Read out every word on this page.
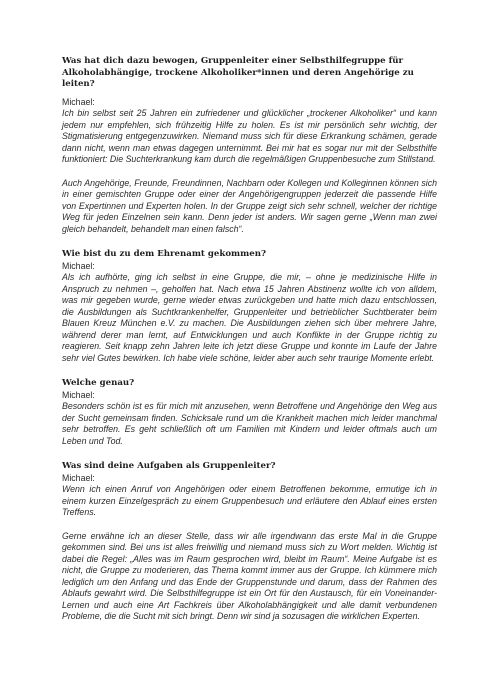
Was hat dich dazu bewogen, Gruppenleiter einer Selbsthilfegruppe für Alkoholabhängige, trockene Alkoholiker*innen und deren Angehörige zu leiten?

Michael:

Ich bin selbst seit 25 Jahren ein zufriedener und glücklicher „trockener Alkoholiker“ und kann jedem nur empfehlen, sich frühzeitig Hilfe zu holen. Es ist mir persönlich sehr wichtig, der Stigmatisierung entgegenzuwirken. Niemand muss sich für diese Erkrankung schämen, gerade dann nicht, wenn man etwas dagegen unternimmt. Bei mir hat es sogar nur mit der Selbsthilfe funktioniert: Die Suchterkrankung kam durch die regelmäßigen Gruppenbesuche zum Stillstand.

Auch Angehörige, Freunde, Freundinnen, Nachbarn oder Kollegen und Kolleginnen können sich in einer gemischten Gruppe oder einer der Angehörigengruppen jederzeit die passende Hilfe von Expertinnen und Experten holen. In der Gruppe zeigt sich sehr schnell, welcher der richtige Weg für jeden Einzelnen sein kann. Denn jeder ist anders. Wir sagen gerne „Wenn man zwei gleich behandelt, behandelt man einen falsch“.

Wie bist du zu dem Ehrenamt gekommen?

Michael:

Als ich aufhörte, ging ich selbst in eine Gruppe, die mir, – ohne je medizinische Hilfe in Anspruch zu nehmen –, geholfen hat. Nach etwa 15 Jahren Abstinenz wollte ich von alldem, was mir gegeben wurde, gerne wieder etwas zurückgeben und hatte mich dazu entschlossen, die Ausbildungen als Suchtkrankenhelfer, Gruppenleiter und betrieblicher Suchtberater beim Blauen Kreuz München e.V. zu machen. Die Ausbildungen ziehen sich über mehrere Jahre, während derer man lernt, auf Entwicklungen und auch Konflikte in der Gruppe richtig zu reagieren. Seit knapp zehn Jahren leite ich jetzt diese Gruppe und konnte im Laufe der Jahre sehr viel Gutes bewirken. Ich habe viele schöne, leider aber auch sehr traurige Momente erlebt.

Welche genau?

Michael:

Besonders schön ist es für mich mit anzusehen, wenn Betroffene und Angehörige den Weg aus der Sucht gemeinsam finden. Schicksale rund um die Krankheit machen mich leider manchmal sehr betroffen. Es geht schließlich oft um Familien mit Kindern und leider oftmals auch um Leben und Tod.

Was sind deine Aufgaben als Gruppenleiter?

Michael:

Wenn ich einen Anruf von Angehörigen oder einem Betroffenen bekomme, ermutige ich in einem kurzen Einzelgespräch zu einem Gruppenbesuch und erläutere den Ablauf eines ersten Treffens.

Gerne erwähne ich an dieser Stelle, dass wir alle irgendwann das erste Mal in die Gruppe gekommen sind. Bei uns ist alles freiwillig und niemand muss sich zu Wort melden. Wichtig ist dabei die Regel: „Alles was im Raum gesprochen wird, bleibt im Raum“. Meine Aufgabe ist es nicht, die Gruppe zu moderieren, das Thema kommt immer aus der Gruppe. Ich kümmere mich lediglich um den Anfang und das Ende der Gruppenstunde und darum, dass der Rahmen des Ablaufs gewahrt wird. Die Selbsthilfegruppe ist ein Ort für den Austausch, für ein Voneinander-Lernen und auch eine Art Fachkreis über Alkoholabhängigkeit und alle damit verbundenen Probleme, die die Sucht mit sich bringt. Denn wir sind ja sozusagen die wirklichen Experten.
